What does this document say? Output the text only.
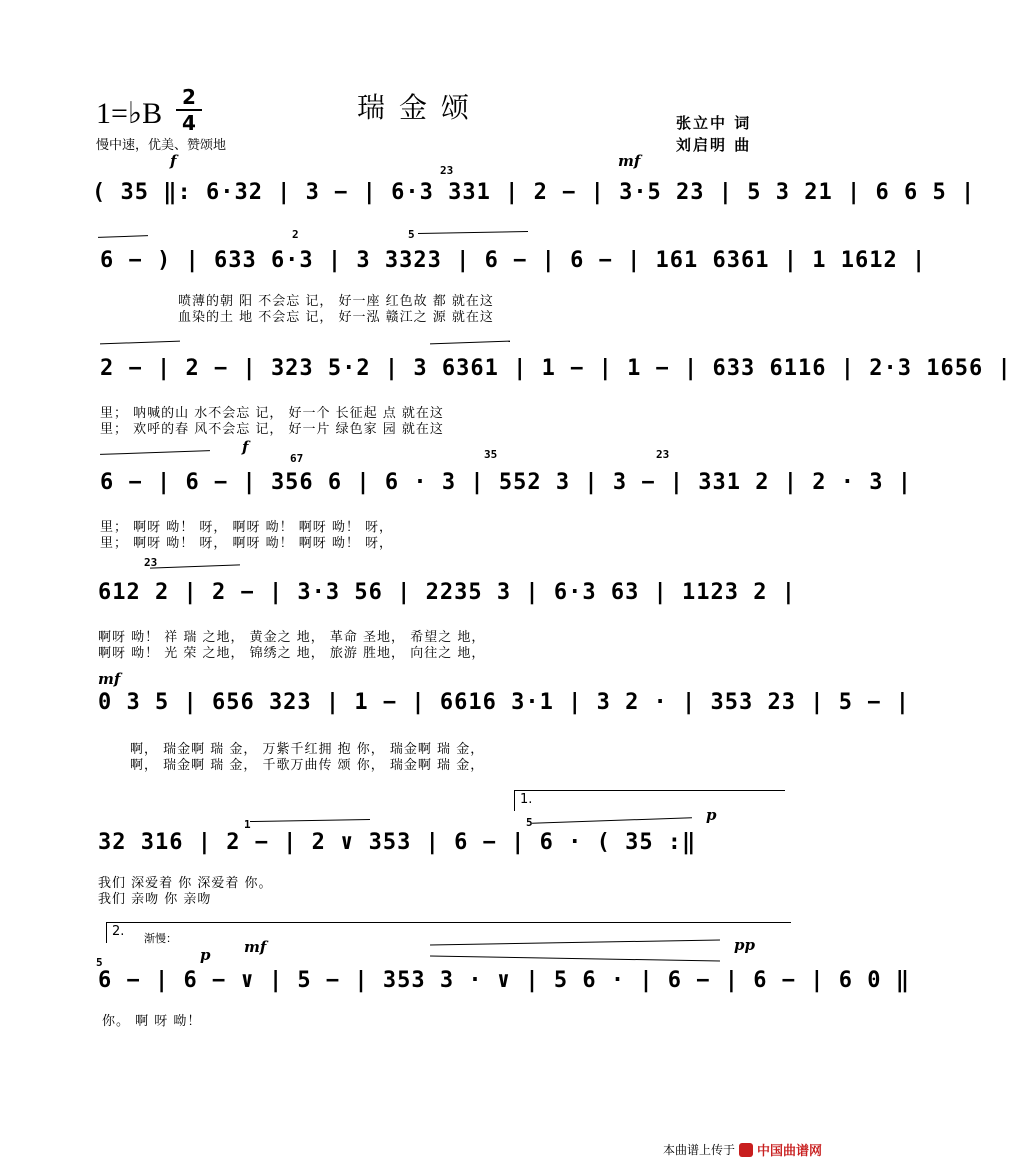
瑞金颂
1=♭B 2
4
慢中速，优美、赞颂地
张立中 词
刘启明 曲
f	mf
23
( 35 ‖: 6·32 | 3 − | 6·3 331 | 2 − | 3·5 23 | 5 3 21 | 6 6 5 |
2	5
6 − ) | 633 6·3 | 3 3323 | 6 − | 6 − | 161 6361 | 1 1612 |
喷薄的朝 阳 不会忘 记， 好一座 红色故 都 就在这
血染的土 地 不会忘 记， 好一泓 赣江之 源 就在这
2 − | 2 − | 323 5·2 | 3 6361 | 1 − | 1 − | 633 6116 | 2·3 1656 |
里； 呐喊的山 水不会忘 记， 好一个 长征起 点 就在这
里； 欢呼的春 风不会忘 记， 好一片 绿色家 园 就在这
f
67	35	23
6 − | 6 − | 356 6 | 6 · 3 | 552 3 | 3 − | 331 2 | 2 · 3 |
里； 啊呀 呦！ 呀， 啊呀 呦！ 啊呀 呦！ 呀，
里； 啊呀 呦！ 呀， 啊呀 呦！ 啊呀 呦！ 呀，
23
612 2 | 2 − | 3·3 56 | 2235 3 | 6·3 63 | 1123 2 |
啊呀 呦！ 祥 瑞 之地， 黄金之 地， 革命 圣地， 希望之 地，
啊呀 呦！ 光 荣 之地， 锦绣之 地， 旅游 胜地， 向往之 地，
mf
0 3 5 | 656 323 | 1 − | 6616 3·1 | 3 2 · | 353 23 | 5 − |
啊， 瑞金啊 瑞 金， 万紫千红拥 抱 你， 瑞金啊 瑞 金，
啊， 瑞金啊 瑞 金， 千歌万曲传 颂 你， 瑞金啊 瑞 金，
1.
p
1	5
32 316 | 2 − | 2 ∨ 353 | 6 − | 6 · ( 35 :‖
我们 深爱着 你 深爱着 你。
我们 亲吻 你 亲吻
2. 渐慢：
p mf	pp
5
6 − | 6 − ∨ | 5 − | 353 3 · ∨ | 5 6 · | 6 − | 6 − | 6 0 ‖
你。 啊 呀 呦！
本曲谱上传于 中国曲谱网
